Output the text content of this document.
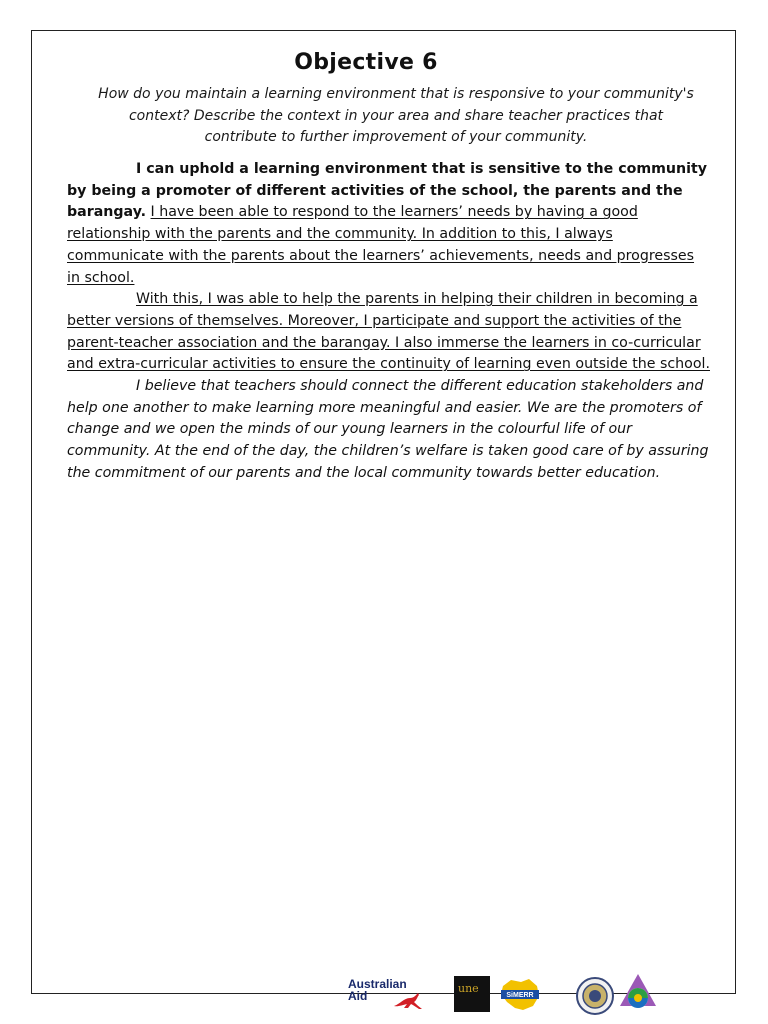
Objective 6
How do you maintain a learning environment that is responsive to your community's context? Describe the context in your area and share teacher practices that contribute to further improvement of your community.

I can uphold a learning environment that is sensitive to the community by being a promoter of different activities of the school, the parents and the barangay. I have been able to respond to the learners’ needs by having a good relationship with the parents and the community. In addition to this, I always communicate with the parents about the learners’ achievements, needs and progresses in school.

With this, I was able to help the parents in helping their children in becoming a better versions of themselves. Moreover, I participate and support the activities of the parent-teacher association and the barangay. I also immerse the learners in co-curricular and extra-curricular activities to ensure the continuity of learning even outside the school.

I believe that teachers should connect the different education stakeholders and help one another to make learning more meaningful and easier. We are the promoters of change and we open the minds of our young learners in the colourful life of our community. At the end of the day, the children’s welfare is taken good care of by assuring the commitment of our parents and the local community towards better education.

Australian
Aid
une
SiMERR
